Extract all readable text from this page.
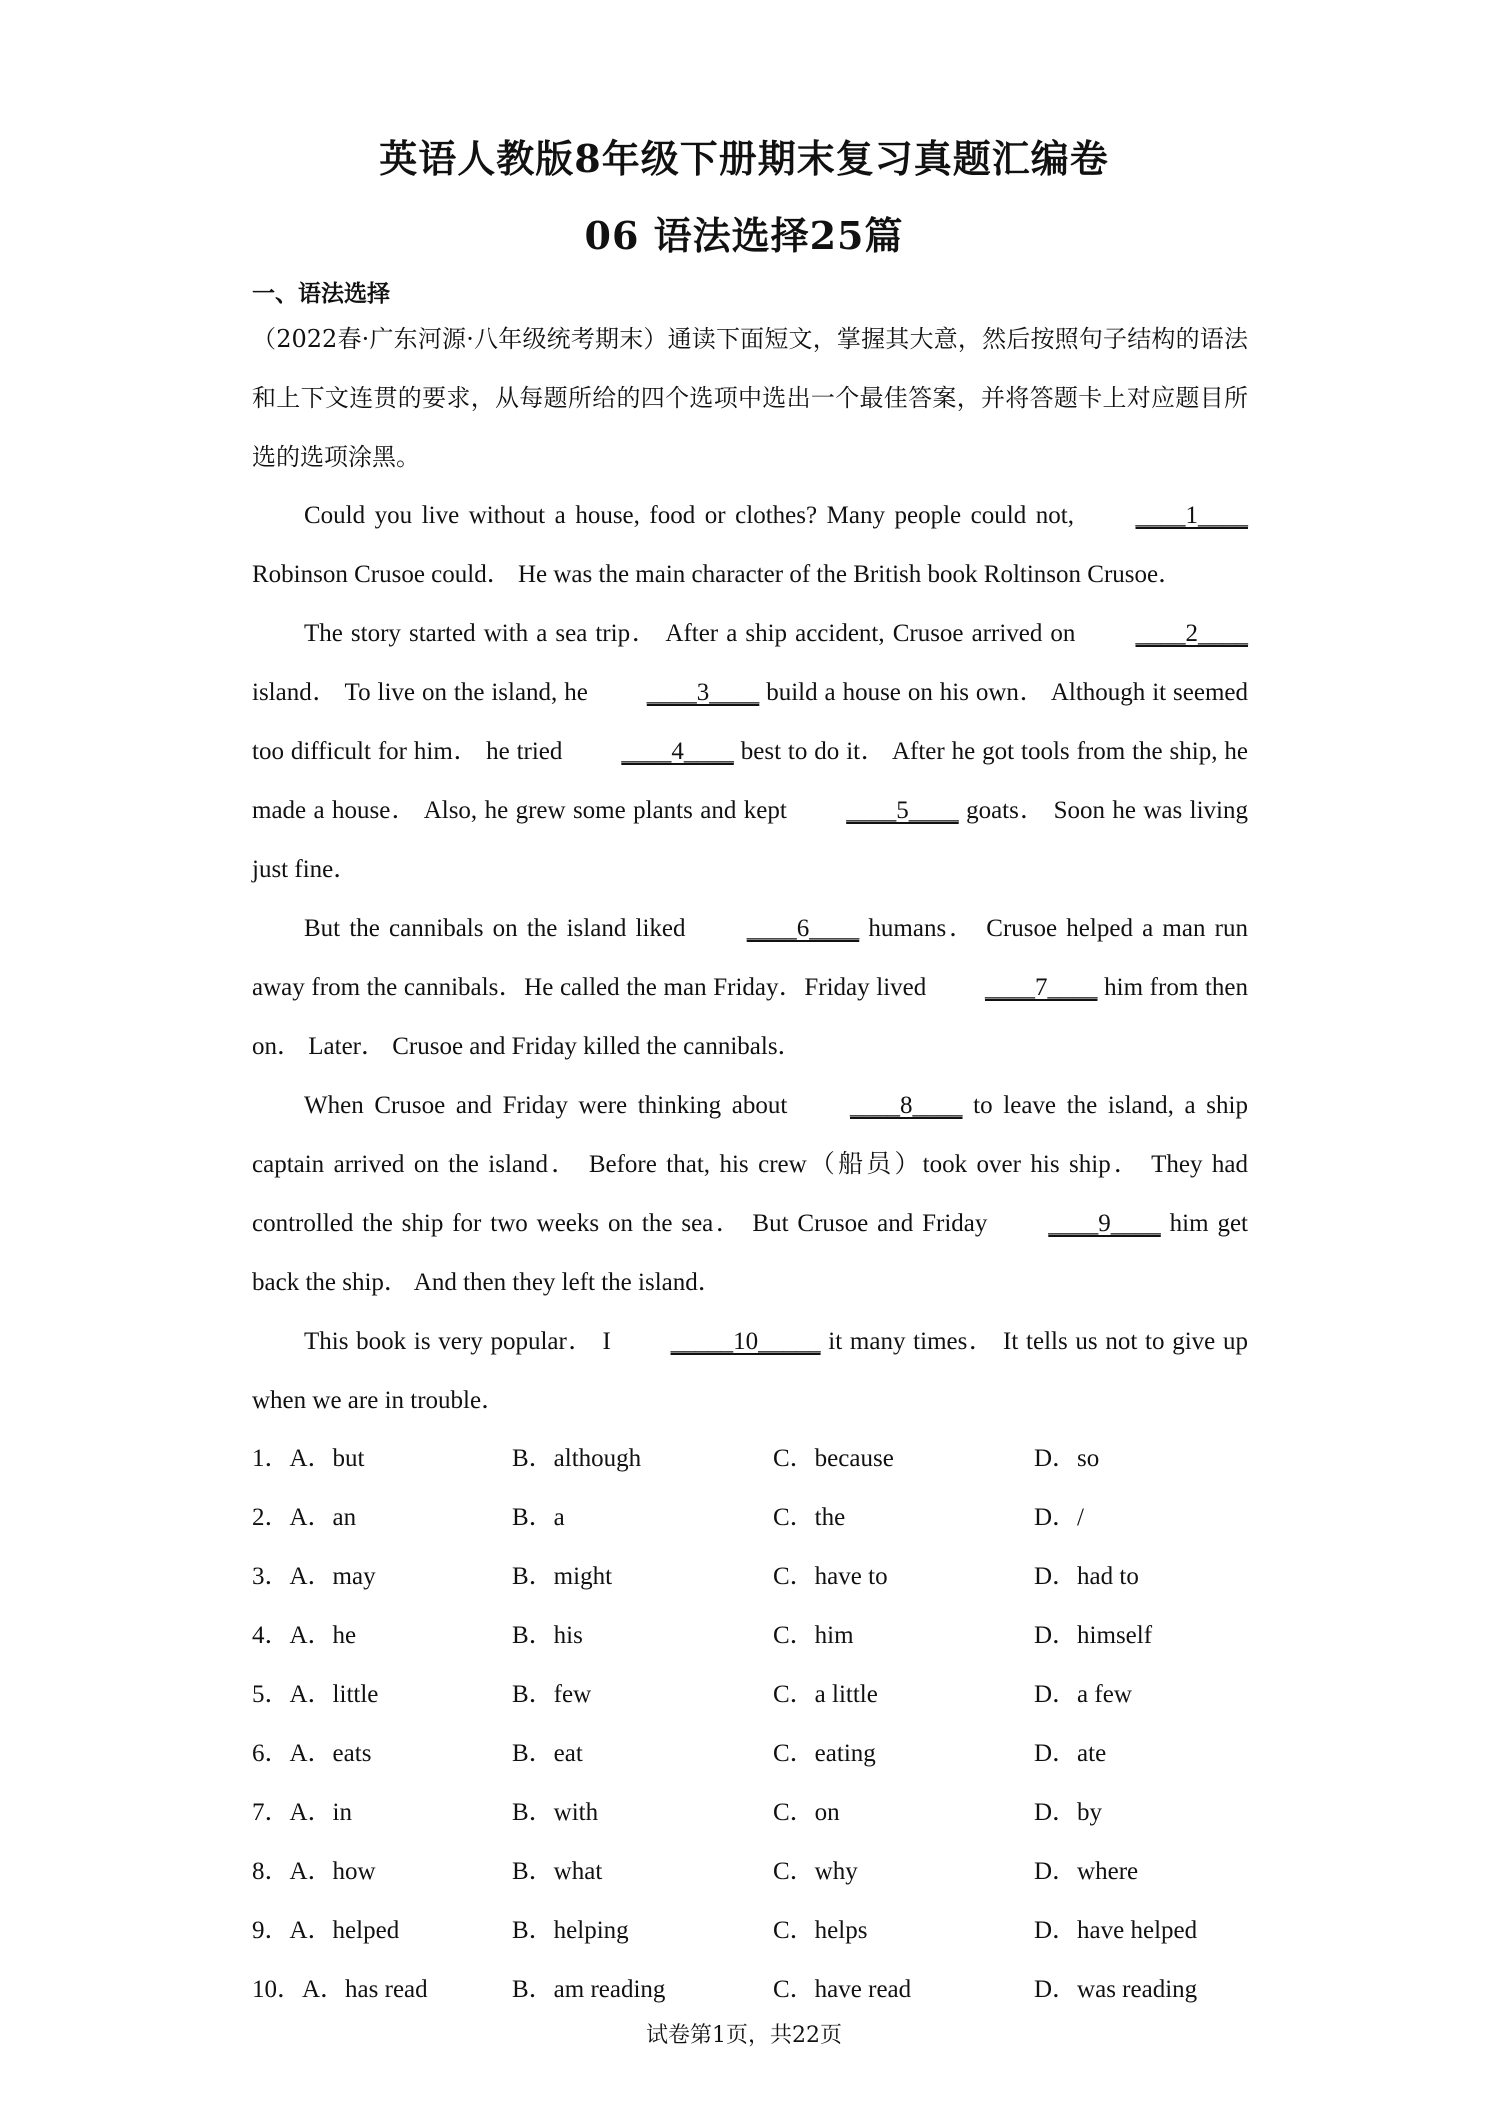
英语人教版8年级下册期末复习真题汇编卷
06 语法选择25篇
一、语法选择

（2022春·广东河源·八年级统考期末）通读下面短文，掌握其大意，然后按照句子结构的语法和上下文连贯的要求，从每题所给的四个选项中选出一个最佳答案，并将答题卡上对应题目所选的选项涂黑。

Could you live without a house, food or clothes? Many people could not, ____1____ Robinson Crusoe could． He was the main character of the British book Roltinson Crusoe．

The story started with a sea trip． After a ship accident, Crusoe arrived on ____2____ island． To live on the island, he ____3____ build a house on his own． Although it seemed too difficult for him． he tried ____4____ best to do it． After he got tools from the ship, he made a house． Also, he grew some plants and kept ____5____ goats． Soon he was living just fine．

But the cannibals on the island liked ____6____ humans． Crusoe helped a man run away from the cannibals．He called the man Friday．Friday lived ____7____ him from then on． Later． Crusoe and Friday killed the cannibals．

When Crusoe and Friday were thinking about ____8____ to leave the island, a ship captain arrived on the island． Before that, his crew（船员）took over his ship． They had controlled the ship for two weeks on the sea． But Crusoe and Friday ____9____ him get back the ship． And then they left the island．

This book is very popular． I _____10_____ it many times． It tells us not to give up when we are in trouble．

1．A．but	B．although	C．because	D．so
2．A．an	B．a	C．the	D．/
3．A．may	B．might	C．have to	D．had to
4．A．he	B．his	C．him	D．himself
5．A．little	B．few	C．a little	D．a few
6．A．eats	B．eat	C．eating	D．ate
7．A．in	B．with	C．on	D．by
8．A．how	B．what	C．why	D．where
9．A．helped	B．helping	C．helps	D．have helped
10．A．has read	B．am reading	C．have read	D．was reading
试卷第1页，共22页
